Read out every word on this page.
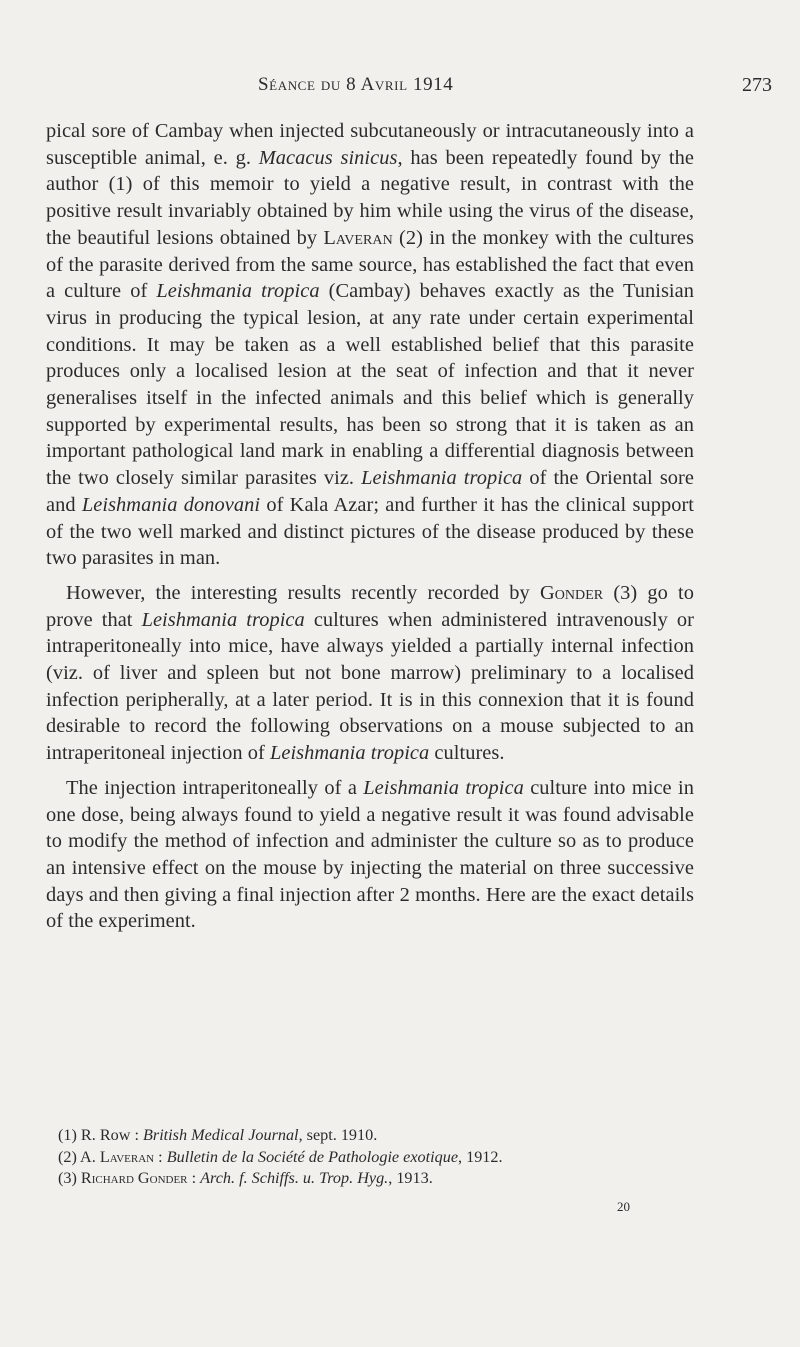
Séance du 8 Avril 1914	273

pical sore of Cambay when injected subcutaneously or intracutaneously into a susceptible animal, e. g. Macacus sinicus, has been repeatedly found by the author (1) of this memoir to yield a negative result, in contrast with the positive result invariably obtained by him while using the virus of the disease, the beautiful lesions obtained by Laveran (2) in the monkey with the cultures of the parasite derived from the same source, has established the fact that even a culture of Leishmania tropica (Cambay) behaves exactly as the Tunisian virus in producing the typical lesion, at any rate under certain experimental conditions. It may be taken as a well established belief that this parasite produces only a localised lesion at the seat of infection and that it never generalises itself in the infected animals and this belief which is generally supported by experimental results, has been so strong that it is taken as an important pathological land mark in enabling a differential diagnosis between the two closely similar parasites viz. Leishmania tropica of the Oriental sore and Leishmania donovani of Kala Azar; and further it has the clinical support of the two well marked and distinct pictures of the disease produced by these two parasites in man.

However, the interesting results recently recorded by Gonder (3) go to prove that Leishmania tropica cultures when administered intravenously or intraperitoneally into mice, have always yielded a partially internal infection (viz. of liver and spleen but not bone marrow) preliminary to a localised infection peripherally, at a later period. It is in this connexion that it is found desirable to record the following observations on a mouse subjected to an intraperitoneal injection of Leishmania tropica cultures.

The injection intraperitoneally of a Leishmania tropica culture into mice in one dose, being always found to yield a negative result it was found advisable to modify the method of infection and administer the culture so as to produce an intensive effect on the mouse by injecting the material on three successive days and then giving a final injection after 2 months. Here are the exact details of the experiment.

(1) R. Row : British Medical Journal, sept. 1910.

(2) A. Laveran : Bulletin de la Société de Pathologie exotique, 1912.

(3) Richard Gonder : Arch. f. Schiffs. u. Trop. Hyg., 1913.

20
